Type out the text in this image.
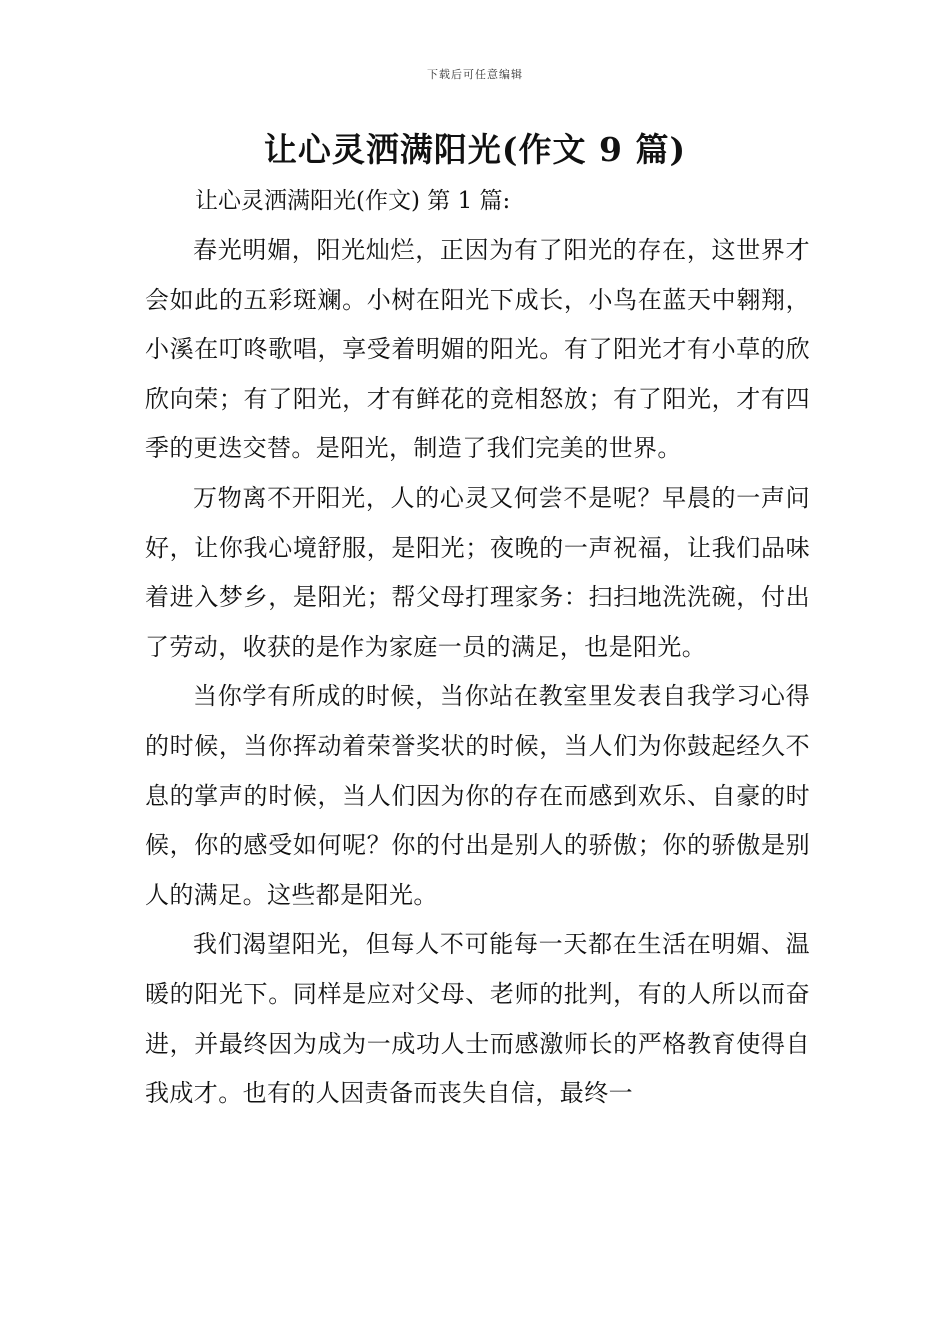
下载后可任意编辑
让心灵洒满阳光(作文 9 篇)
让心灵洒满阳光(作文) 第 1 篇:

春光明媚，阳光灿烂，正因为有了阳光的存在，这世界才会如此的五彩斑斓。小树在阳光下成长，小鸟在蓝天中翱翔，小溪在叮咚歌唱，享受着明媚的阳光。有了阳光才有小草的欣欣向荣；有了阳光，才有鲜花的竞相怒放；有了阳光，才有四季的更迭交替。是阳光，制造了我们完美的世界。

万物离不开阳光，人的心灵又何尝不是呢？早晨的一声问好，让你我心境舒服，是阳光；夜晚的一声祝福，让我们品味着进入梦乡，是阳光；帮父母打理家务：扫扫地洗洗碗，付出了劳动，收获的是作为家庭一员的满足，也是阳光。

当你学有所成的时候，当你站在教室里发表自我学习心得的时候，当你挥动着荣誉奖状的时候，当人们为你鼓起经久不息的掌声的时候，当人们因为你的存在而感到欢乐、自豪的时候，你的感受如何呢？你的付出是别人的骄傲；你的骄傲是别人的满足。这些都是阳光。

我们渴望阳光，但每人不可能每一天都在生活在明媚、温暖的阳光下。同样是应对父母、老师的批判，有的人所以而奋进，并最终因为成为一成功人士而感激师长的严格教育使得自我成才。也有的人因责备而丧失自信，最终一
